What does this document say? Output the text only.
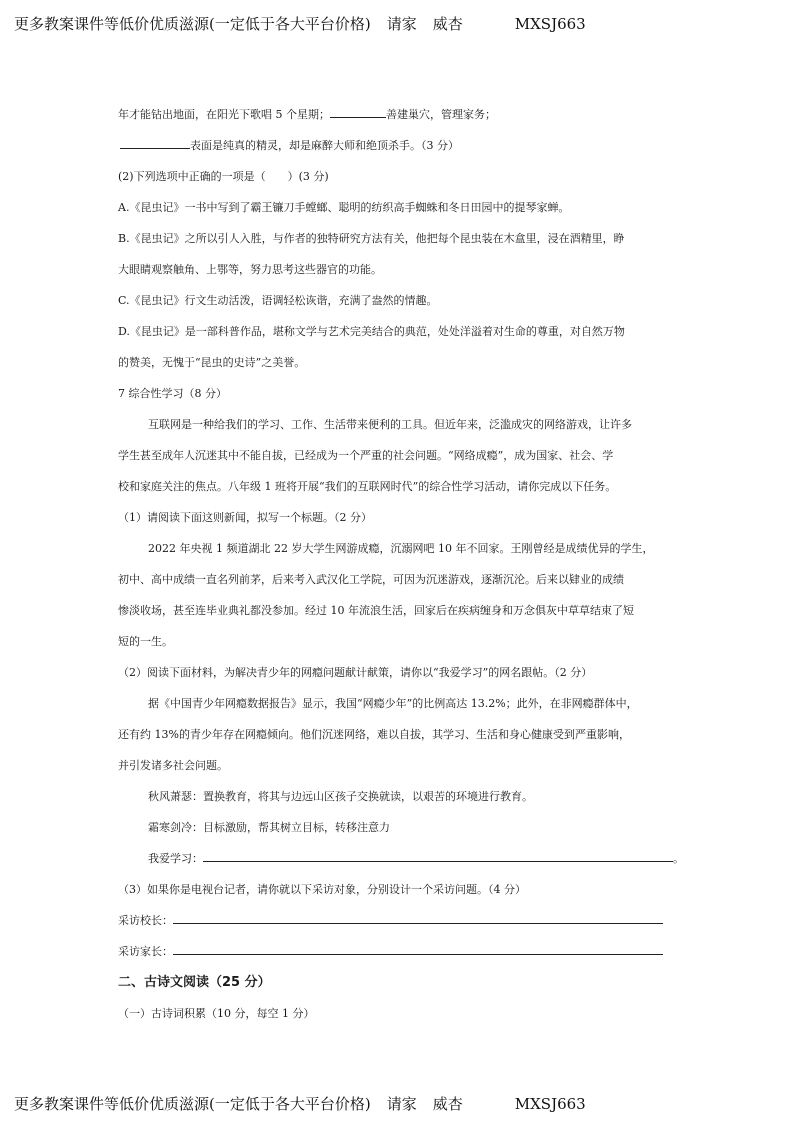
更多教案课件等低价优质滋源(一定低于各大平台价格) 请家 威杏	MXSJ663
年才能钻出地面，在阳光下歌唱 5 个星期；	善建巢穴，管理家务；
表面是纯真的精灵，却是麻醉大师和绝顶杀手。（3 分）
(2)下列选项中正确的一项是（　　）(3 分)
A.《昆虫记》一书中写到了霸王镰刀手螳螂、聪明的纺织高手蜘蛛和冬日田园中的提琴家蝉。
B.《昆虫记》之所以引人入胜，与作者的独特研究方法有关，他把每个昆虫装在木盒里，浸在酒精里，睁
大眼睛观察触角、上鄂等，努力思考这些器官的功能。
C.《昆虫记》行文生动活泼，语调轻松诙谐，充满了盎然的情趣。
D.《昆虫记》是一部科普作品，堪称文学与艺术完美结合的典范，处处洋溢着对生命的尊重，对自然万物
的赞美，无愧于“昆虫的史诗”之美誉。
7 综合性学习（8 分）
互联网是一种给我们的学习、工作、生活带来便利的工具。但近年来，泛滥成灾的网络游戏，让许多
学生甚至成年人沉迷其中不能自拔，已经成为一个严重的社会问题。“网络成瘾”，成为国家、社会、学
校和家庭关注的焦点。八年级 1 班将开展“我们的互联网时代”的综合性学习活动，请你完成以下任务。
（1）请阅读下面这则新闻，拟写一个标题。（2 分）
2022 年央视 1 频道湖北 22 岁大学生网游成瘾，沉溺网吧 10 年不回家。王刚曾经是成绩优异的学生，
初中、高中成绩一直名列前茅，后来考入武汉化工学院，可因为沉迷游戏，逐渐沉沦。后来以肄业的成绩
惨淡收场，甚至连毕业典礼都没参加。经过 10 年流浪生活，回家后在疾病缠身和万念俱灰中草草结束了短
短的一生。
（2）阅读下面材料，为解决青少年的网瘾问题献计献策，请你以“我爱学习”的网名跟帖。（2 分）
据《中国青少年网瘾数据报告》显示，我国“网瘾少年”的比例高达 13.2%；此外，在非网瘾群体中，
还有约 13%的青少年存在网瘾倾向。他们沉迷网络，难以自拔，其学习、生活和身心健康受到严重影响，
并引发诸多社会问题。
秋风萧瑟：置换教育，将其与边远山区孩子交换就读，以艰苦的环境进行教育。
霜寒剑冷：目标激励，帮其树立目标，转移注意力
我爱学习：	。
（3）如果你是电视台记者，请你就以下采访对象，分别设计一个采访问题。（4 分）
采访校长：
采访家长：
二、古诗文阅读（25 分）
（一）古诗词积累（10 分，每空 1 分）
更多教案课件等低价优质滋源(一定低于各大平台价格) 请家 威杏	MXSJ663
